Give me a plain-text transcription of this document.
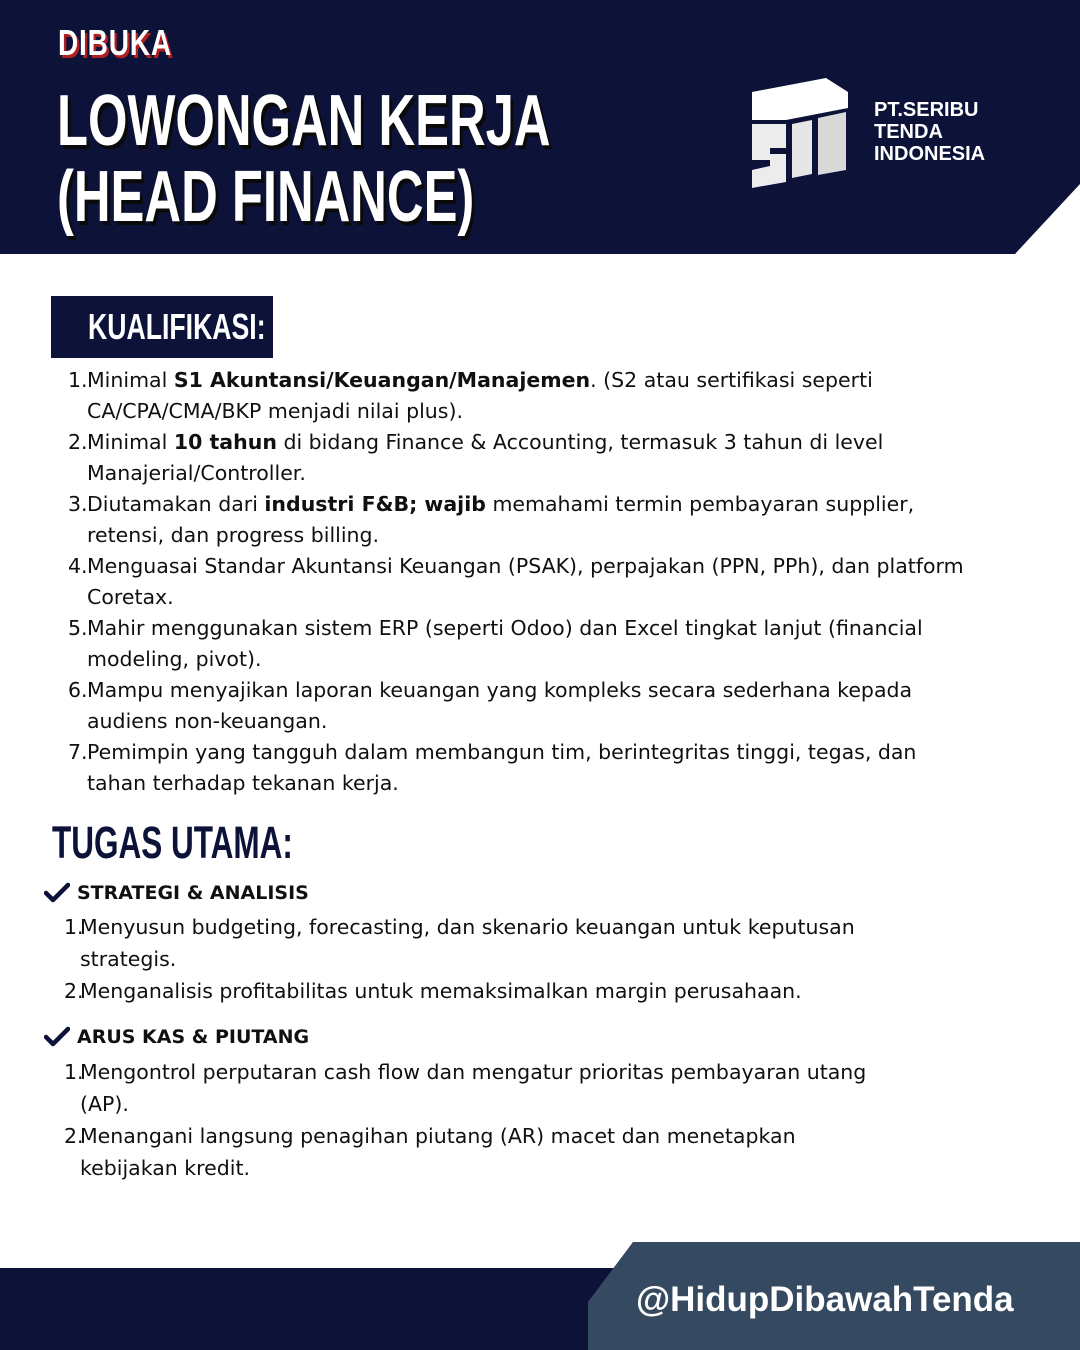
DIBUKA
LOWONGAN KERJA
(HEAD FINANCE)
PT.SERIBU
TENDA
INDONESIA
KUALIFIKASI:
1. Minimal S1 Akuntansi/Keuangan/Manajemen. (S2 atau sertifikasi seperti CA/CPA/CMA/BKP menjadi nilai plus).
2. Minimal 10 tahun di bidang Finance & Accounting, termasuk 3 tahun di level Manajerial/Controller.
3. Diutamakan dari industri F&B; wajib memahami termin pembayaran supplier, retensi, dan progress billing.
4. Menguasai Standar Akuntansi Keuangan (PSAK), perpajakan (PPN, PPh), dan platform Coretax.
5. Mahir menggunakan sistem ERP (seperti Odoo) dan Excel tingkat lanjut (financial modeling, pivot).
6. Mampu menyajikan laporan keuangan yang kompleks secara sederhana kepada audiens non-keuangan.
7. Pemimpin yang tangguh dalam membangun tim, berintegritas tinggi, tegas, dan tahan terhadap tekanan kerja.
TUGAS UTAMA:
STRATEGI & ANALISIS
1.
Menyusun budgeting, forecasting, dan skenario keuangan untuk keputusan strategis.
2.
Menganalisis profitabilitas untuk memaksimalkan margin perusahaan.
ARUS KAS & PIUTANG
1.
Mengontrol perputaran cash flow dan mengatur prioritas pembayaran utang (AP).
2.
Menangani langsung penagihan piutang (AR) macet dan menetapkan kebijakan kredit.
@HidupDibawahTenda
